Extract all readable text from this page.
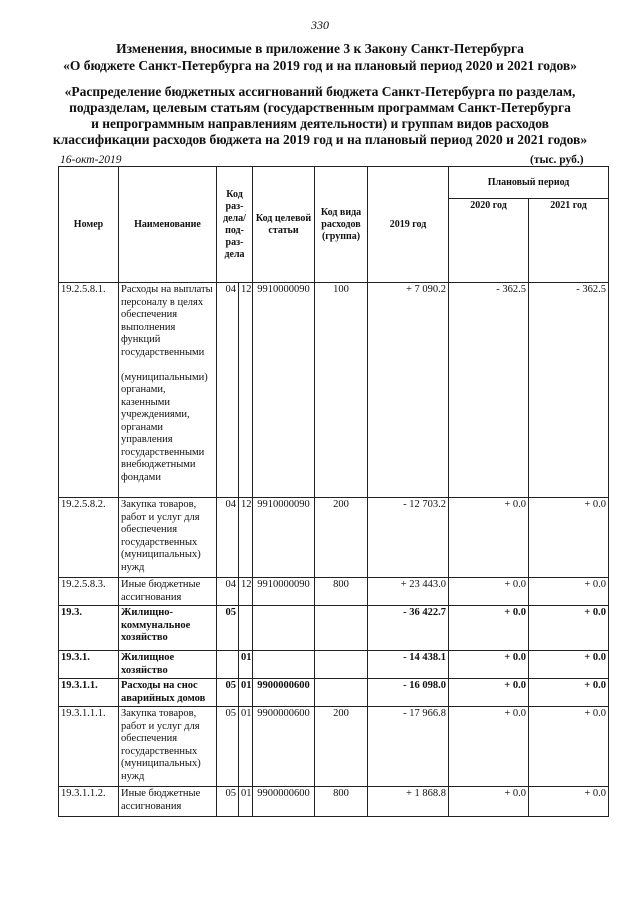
330
Изменения, вносимые в приложение 3 к Закону Санкт-Петербурга
«О бюджете Санкт-Петербурга на 2019 год и на плановый период 2020 и 2021 годов»
«Распределение бюджетных ассигнований бюджета Санкт-Петербурга по разделам,
подразделам, целевым статьям (государственным программам Санкт-Петербурга
и непрограммным направлениям деятельности) и группам видов расходов
классификации расходов бюджета на 2019 год и на плановый период 2020 и 2021 годов»
16-окт-2019	(тыс. руб.)
Номер	Наименование	Код раз-дела/ под-раз-дела		Код целевой статьи	Код вида расходов (группа)	2019 год	Плановый период	
							2020 год	2021 год
19.2.5.8.1.	Расходы на выплаты персоналу в целях обеспечения выполнения функций государственными

(муниципальными) органами, казенными учреждениями, органами управления государственными внебюджетными фондами	04	12	9910000090	100	+ 7 090.2	- 362.5	- 362.5
19.2.5.8.2.	Закупка товаров, работ и услуг для обеспечения государственных (муниципальных) нужд	04	12	9910000090	200	- 12 703.2	+ 0.0	+ 0.0
19.2.5.8.3.	Иные бюджетные ассигнования	04	12	9910000090	800	+ 23 443.0	+ 0.0	+ 0.0
19.3.	Жилищно-коммунальное хозяйство	05				- 36 422.7	+ 0.0	+ 0.0
19.3.1.	Жилищное хозяйство		01			- 14 438.1	+ 0.0	+ 0.0
19.3.1.1.	Расходы на снос аварийных домов	05	01	9900000600		- 16 098.0	+ 0.0	+ 0.0
19.3.1.1.1.	Закупка товаров, работ и услуг для обеспечения государственных (муниципальных) нужд	05	01	9900000600	200	- 17 966.8	+ 0.0	+ 0.0
19.3.1.1.2.	Иные бюджетные ассигнования	05	01	9900000600	800	+ 1 868.8	+ 0.0	+ 0.0
